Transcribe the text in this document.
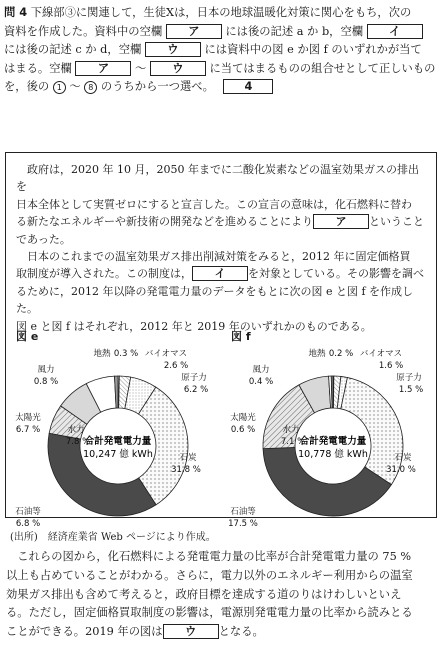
問 4 下線部③に関連して，生徒Xは，日本の地球温暖化対策に関心をもち，次の

資料を作成した。資料中の空欄 ア には後の記述 a か b，空欄 イ

には後の記述 c か d，空欄 ウ には資料中の図 e か図 f のいずれかが当て

はまる。空欄 ア ～ ウ に当てはまるものの組合せとして正しいもの

を，後の 1 ～ 8 のうちから一つ選べ。	4

政府は，2020 年 10 月，2050 年までに二酸化炭素などの温室効果ガスの排出を

日本全体として実質ゼロにすると宣言した。この宣言の意味は，化石燃料に替わ

る新たなエネルギーや新技術の開発などを進めることにより ア ということ

であった。

日本のこれまでの温室効果ガス排出削減対策をみると，2012 年に固定価格買

取制度が導入された。この制度は， イ を対象としている。その影響を調べ

るために，2012 年以降の発電電力量のデータをもとに次の図 e と図 f を作成した。

図 e と図 f はそれぞれ，2012 年と 2019 年のいずれかのものである。

図 e
地熱 0.3 % バイオマス
2.6 %
原子力
6.2 %
石炭
31.8 %
石油等
6.8 %
水力
7.8 %
太陽光
6.7 %
風力
0.8 %
合計発電電力量
10,247 億 kWh
図 f
地熱 0.2 % バイオマス
1.6 %
原子力
1.5 %
石炭
31.0 %
石油等
17.5 %
水力
7.1 %
太陽光
0.6 %
風力
0.4 %
合計発電電力量
10,778 億 kWh
(出所)　経済産業省 Web ページにより作成。

これらの図から，化石燃料による発電電力量の比率が合計発電電力量の 75 %

以上も占めていることがわかる。さらに，電力以外のエネルギー利用からの温室

効果ガス排出も含めて考えると，政府目標を達成する道のりはけわしいといえ

る。ただし，固定価格買取制度の影響は，電源別発電電力量の比率から読みとる

ことができる。2019 年の図は ウ となる。
